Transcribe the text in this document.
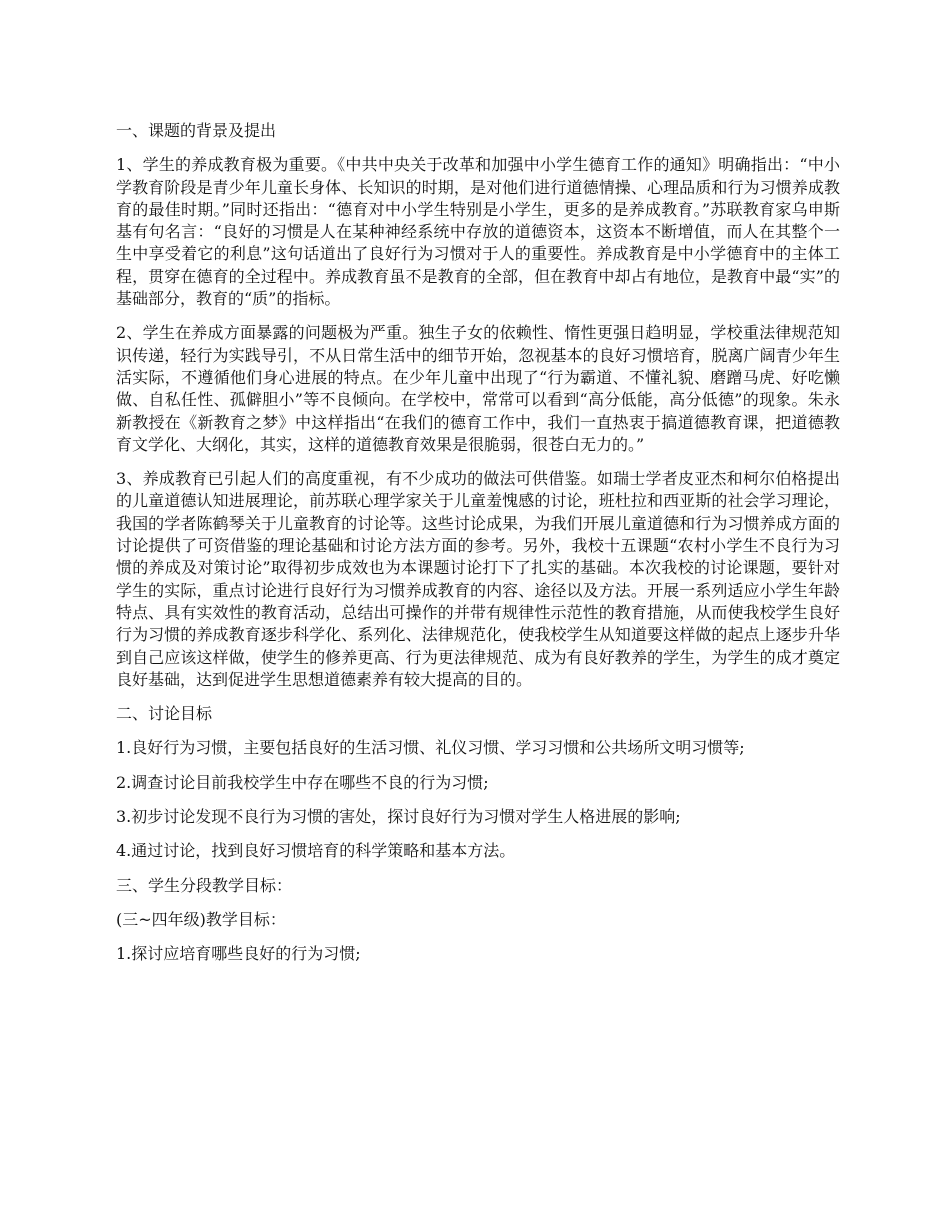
一、课题的背景及提出

1、学生的养成教育极为重要。《中共中央关于改革和加强中小学生德育工作的通知》明确指出：“中小学教育阶段是青少年儿童长身体、长知识的时期，是对他们进行道德情操、心理品质和行为习惯养成教育的最佳时期。”同时还指出：“德育对中小学生特别是小学生，更多的是养成教育。”苏联教育家乌申斯基有句名言：“良好的习惯是人在某种神经系统中存放的道德资本，这资本不断增值，而人在其整个一生中享受着它的利息”这句话道出了良好行为习惯对于人的重要性。养成教育是中小学德育中的主体工程，贯穿在德育的全过程中。养成教育虽不是教育的全部，但在教育中却占有地位，是教育中最“实”的基础部分，教育的“质”的指标。

2、学生在养成方面暴露的问题极为严重。独生子女的依赖性、惰性更强日趋明显，学校重法律规范知识传递，轻行为实践导引，不从日常生活中的细节开始，忽视基本的良好习惯培育，脱离广阔青少年生活实际，不遵循他们身心进展的特点。在少年儿童中出现了“行为霸道、不懂礼貌、磨蹭马虎、好吃懒做、自私任性、孤僻胆小”等不良倾向。在学校中，常常可以看到“高分低能，高分低德”的现象。朱永新教授在《新教育之梦》中这样指出“在我们的德育工作中，我们一直热衷于搞道德教育课，把道德教育文学化、大纲化，其实，这样的道德教育效果是很脆弱，很苍白无力的。”

3、养成教育已引起人们的高度重视，有不少成功的做法可供借鉴。如瑞士学者皮亚杰和柯尔伯格提出的儿童道德认知进展理论，前苏联心理学家关于儿童羞愧感的讨论，班杜拉和西亚斯的社会学习理论，我国的学者陈鹤琴关于儿童教育的讨论等。这些讨论成果，为我们开展儿童道德和行为习惯养成方面的讨论提供了可资借鉴的理论基础和讨论方法方面的参考。另外，我校十五课题“农村小学生不良行为习惯的养成及对策讨论”取得初步成效也为本课题讨论打下了扎实的基础。本次我校的讨论课题，要针对学生的实际，重点讨论进行良好行为习惯养成教育的内容、途径以及方法。开展一系列适应小学生年龄特点、具有实效性的教育活动，总结出可操作的并带有规律性示范性的教育措施，从而使我校学生良好行为习惯的养成教育逐步科学化、系列化、法律规范化，使我校学生从知道要这样做的起点上逐步升华到自己应该这样做，使学生的修养更高、行为更法律规范、成为有良好教养的学生，为学生的成才奠定良好基础，达到促进学生思想道德素养有较大提高的目的。

二、讨论目标

1.良好行为习惯，主要包括良好的生活习惯、礼仪习惯、学习习惯和公共场所文明习惯等;

2.调查讨论目前我校学生中存在哪些不良的行为习惯;

3.初步讨论发现不良行为习惯的害处，探讨良好行为习惯对学生人格进展的影响;

4.通过讨论，找到良好习惯培育的科学策略和基本方法。

三、学生分段教学目标：

(三~四年级)教学目标：

1.探讨应培育哪些良好的行为习惯;
